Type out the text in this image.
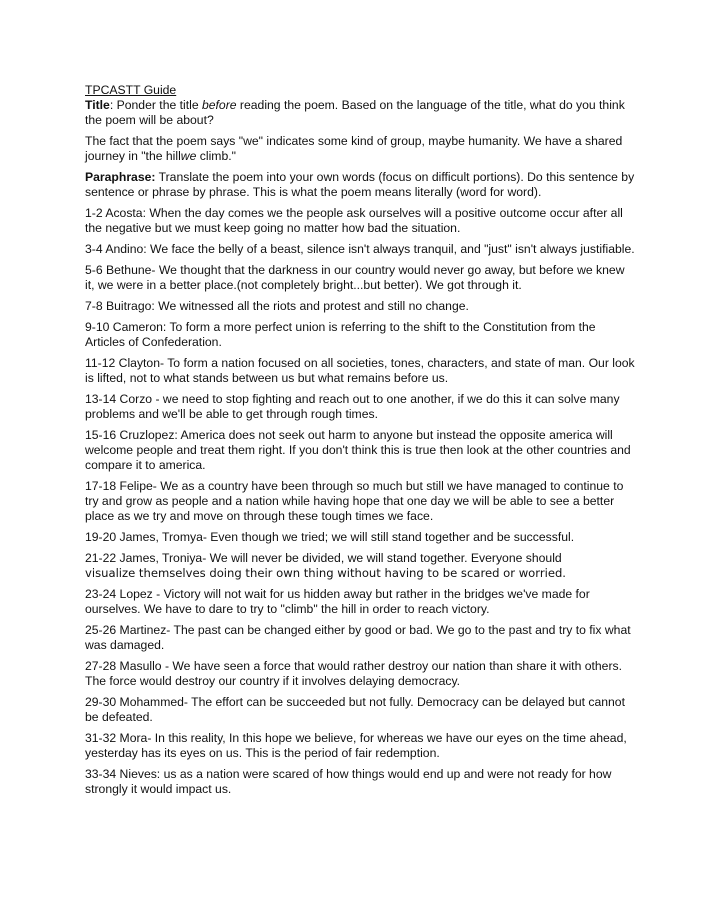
TPCASTT Guide

Title: Ponder the title before reading the poem. Based on the language of the title, what do you think the poem will be about?

The fact that the poem says "we" indicates some kind of group, maybe humanity. We have a shared journey in "the hillwe climb."

Paraphrase: Translate the poem into your own words (focus on difficult portions). Do this sentence by sentence or phrase by phrase. This is what the poem means literally (word for word).

1-2 Acosta: When the day comes we the people ask ourselves will a positive outcome occur after all the negative but we must keep going no matter how bad the situation.

3-4 Andino: We face the belly of a beast, silence isn't always tranquil, and "just" isn't always justifiable.

5-6 Bethune- We thought that the darkness in our country would never go away, but before we knew it, we were in a better place.(not completely bright...but better). We got through it.

7-8 Buitrago: We witnessed all the riots and protest and still no change.

9-10 Cameron: To form a more perfect union is referring to the shift to the Constitution from the Articles of Confederation.

11-12 Clayton- To form a nation focused on all societies, tones, characters, and state of man. Our look is lifted, not to what stands between us but what remains before us.

13-14 Corzo - we need to stop fighting and reach out to one another, if we do this it can solve many problems and we'll be able to get through rough times.

15-16 Cruzlopez: America does not seek out harm to anyone but instead the opposite america will welcome people and treat them right. If you don't think this is true then look at the other countries and compare it to america.

17-18 Felipe- We as a country have been through so much but still we have managed to continue to try and grow as people and a nation while having hope that one day we will be able to see a better place as we try and move on through these tough times we face.

19-20 James, Tromya- Even though we tried; we will still stand together and be successful.

21-22 James, Troniya- We will never be divided, we will stand together. Everyone should
visualize themselves doing their own thing without having to be scared or worried.

23-24 Lopez - Victory will not wait for us hidden away but rather in the bridges we've made for ourselves. We have to dare to try to "climb" the hill in order to reach victory.

25-26 Martinez- The past can be changed either by good or bad. We go to the past and try to fix what was damaged.

27-28 Masullo - We have seen a force that would rather destroy our nation than share it with others. The force would destroy our country if it involves delaying democracy.

29-30 Mohammed- The effort can be succeeded but not fully. Democracy can be delayed but cannot be defeated.

31-32 Mora- In this reality, In this hope we believe, for whereas we have our eyes on the time ahead, yesterday has its eyes on us. This is the period of fair redemption.

33-34 Nieves: us as a nation were scared of how things would end up and were not ready for how strongly it would impact us.
